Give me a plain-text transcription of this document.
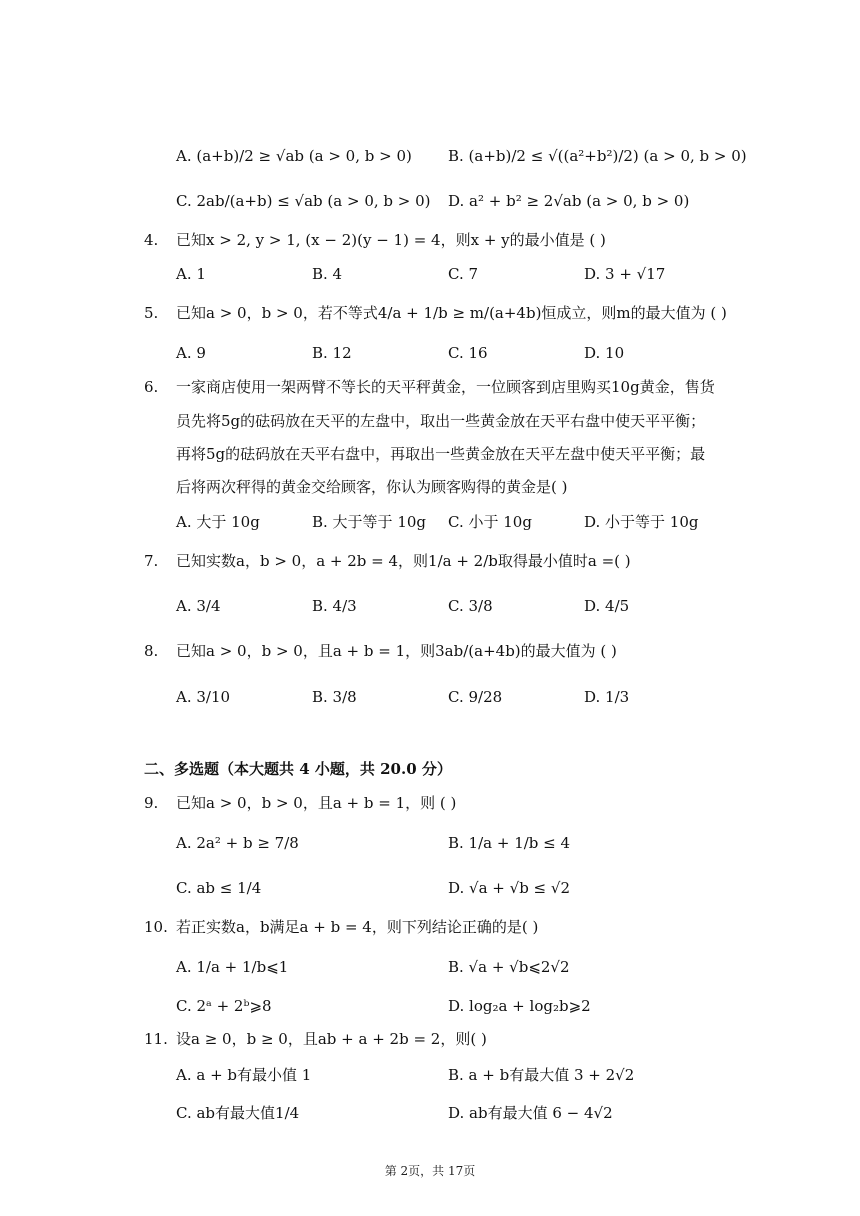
A. (a+b)/2 ≥ √ab (a > 0, b > 0) B. (a+b)/2 ≤ √((a²+b²)/2) (a > 0, b > 0)
C. 2ab/(a+b) ≤ √ab (a > 0, b > 0) D. a² + b² ≥ 2√ab (a > 0, b > 0)
4. 已知x > 2, y > 1, (x − 2)(y − 1) = 4，则x + y的最小值是 ( )
A. 1	B. 4	C. 7	D. 3 + √17
5. 已知a > 0，b > 0，若不等式4/a + 1/b ≥ m/(a+4b)恒成立，则m的最大值为 ( )
A. 9	B. 12	C. 16	D. 10
6. 一家商店使用一架两臂不等长的天平秤黄金，一位顾客到店里购买10g黄金，售货
员先将5g的砝码放在天平的左盘中，取出一些黄金放在天平右盘中使天平平衡；
再将5g的砝码放在天平右盘中，再取出一些黄金放在天平左盘中使天平平衡；最
后将两次秤得的黄金交给顾客，你认为顾客购得的黄金是( )
A. 大于 10g	B. 大于等于 10g C. 小于 10g	D. 小于等于 10g
7. 已知实数a，b > 0，a + 2b = 4，则1/a + 2/b取得最小值时a =( )
A. 3/4	B. 4/3	C. 3/8	D. 4/5
8. 已知a > 0，b > 0，且a + b = 1，则3ab/(a+4b)的最大值为 ( )
A. 3/10	B. 3/8	C. 9/28	D. 1/3
二、多选题（本大题共 4 小题，共 20.0 分）
9. 已知a > 0，b > 0，且a + b = 1，则 ( )
A. 2a² + b ≥ 7/8	B. 1/a + 1/b ≤ 4
C. ab ≤ 1/4	D. √a + √b ≤ √2
10. 若正实数a，b满足a + b = 4，则下列结论正确的是( )
A. 1/a + 1/b⩽1	B. √a + √b⩽2√2
C. 2ᵃ + 2ᵇ⩾8	D. log₂a + log₂b⩾2
11. 设a ≥ 0，b ≥ 0，且ab + a + 2b = 2，则( )
A. a + b有最小值 1	B. a + b有最大值 3 + 2√2
C. ab有最大值1/4	D. ab有最大值 6 − 4√2
第 2页，共 17页
